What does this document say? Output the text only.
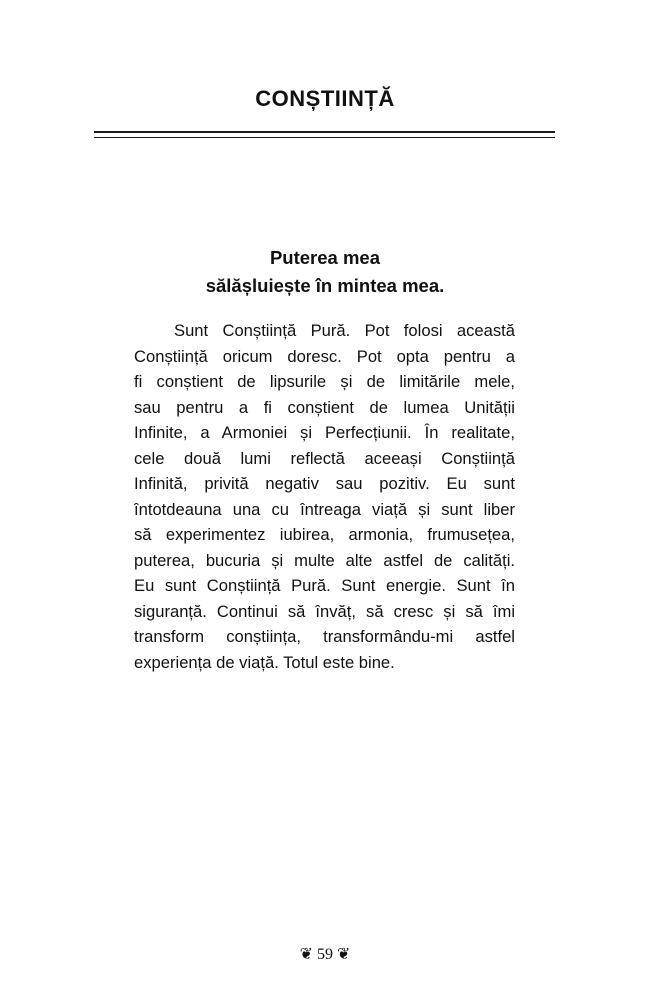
CONȘTIINȚĂ
Puterea mea
sălășluiește în mintea mea.
Sunt Conștiință Pură. Pot folosi această
Conștiință oricum doresc. Pot opta pentru a
fi conștient de lipsurile și de limitările mele,
sau pentru a fi conștient de lumea Unității
Infinite, a Armoniei și Perfecțiunii. În realitate,
cele două lumi reflectă aceeași Conștiință
Infinită, privită negativ sau pozitiv. Eu sunt
întotdeauna una cu întreaga viață și sunt liber
să experimentez iubirea, armonia, frumusețea,
puterea, bucuria și multe alte astfel de calități.
Eu sunt Conștiință Pură. Sunt energie. Sunt în
siguranță. Continui să învăț, să cresc și să îmi
transform conștiința, transformându-mi astfel
experiența de viață. Totul este bine.
❦ 59 ❦
